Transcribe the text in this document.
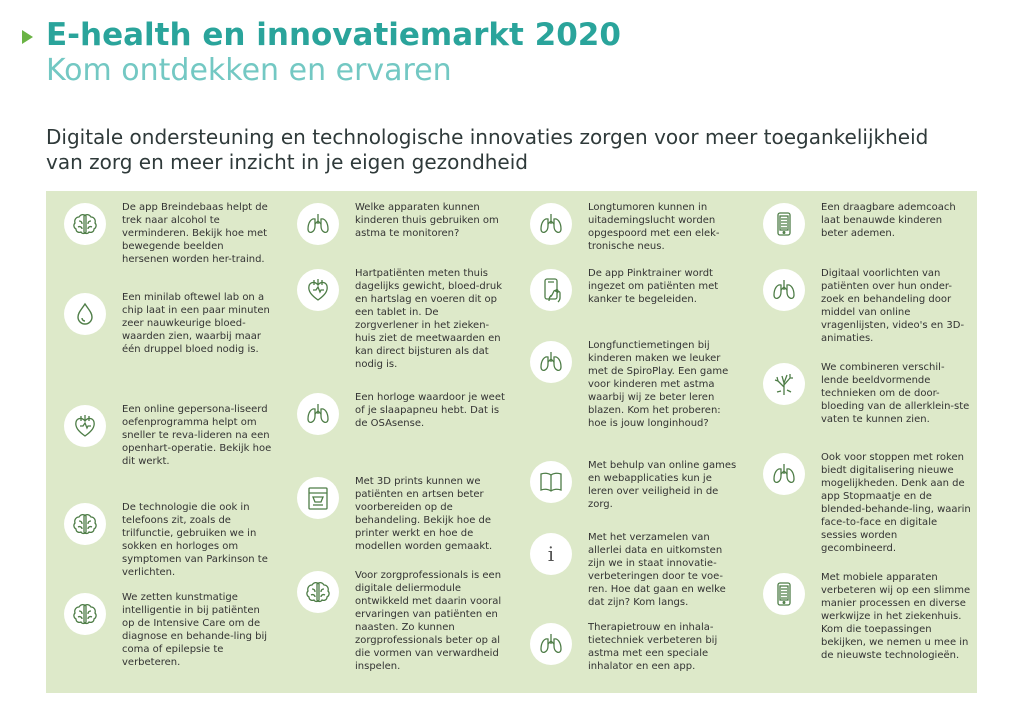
E-health en innovatiemarkt 2020
Kom ontdekken en ervaren

Digitale ondersteuning en technologische innovaties zorgen voor meer toegankelijkheid van zorg en meer inzicht in je eigen gezondheid

De app Breindebaas helpt de trek naar alcohol te verminderen. Bekijk hoe met bewegende beelden hersenen worden her-traind.

Een minilab oftewel lab on a chip laat in een paar minuten zeer nauwkeurige bloed-waarden zien, waarbij maar één druppel bloed nodig is.

Een online gepersona-liseerd oefenprogramma helpt om sneller te reva-lideren na een openhart-operatie. Bekijk hoe dit werkt.

De technologie die ook in telefoons zit, zoals de trilfunctie, gebruiken we in sokken en horloges om symptomen van Parkinson te verlichten.

We zetten kunstmatige intelligentie in bij patiënten op de Intensive Care om de diagnose en behande-ling bij coma of epilepsie te verbeteren.

Welke apparaten kunnen kinderen thuis gebruiken om astma te monitoren?

Hartpatiënten meten thuis dagelijks gewicht, bloed-druk en hartslag en voeren dit op een tablet in. De zorgverlener in het zieken-huis ziet de meetwaarden en kan direct bijsturen als dat nodig is.

Een horloge waardoor je weet of je slaapapneu hebt. Dat is de OSAsense.

Met 3D prints kunnen we patiënten en artsen beter voorbereiden op de behandeling. Bekijk hoe de printer werkt en hoe de modellen worden gemaakt.

Voor zorgprofessionals is een digitale deliermodule ontwikkeld met daarin vooral ervaringen van patiënten en naasten. Zo kunnen zorgprofessionals beter op al die vormen van verwardheid inspelen.

Longtumoren kunnen in uitademingslucht worden opgespoord met een elek-tronische neus.

De app Pinktrainer wordt ingezet om patiënten met kanker te begeleiden.

Longfunctiemetingen bij kinderen maken we leuker met de SpiroPlay. Een game voor kinderen met astma waarbij wij ze beter leren blazen. Kom het proberen: hoe is jouw longinhoud?

Met behulp van online games en webapplicaties kun je leren over veiligheid in de zorg.

i

Met het verzamelen van allerlei data en uitkomsten zijn we in staat innovatie-verbeteringen door te voe-ren. Hoe dat gaan en welke dat zijn? Kom langs.

Therapietrouw en inhala-tietechniek verbeteren bij astma met een speciale inhalator en een app.

Een draagbare ademcoach laat benauwde kinderen beter ademen.

Digitaal voorlichten van patiënten over hun onder-zoek en behandeling door middel van online vragenlijsten, video's en 3D-animaties.

We combineren verschil-lende beeldvormende technieken om de door-bloeding van de allerklein-ste vaten te kunnen zien.

Ook voor stoppen met roken biedt digitalisering nieuwe mogelijkheden. Denk aan de app Stopmaatje en de blended-behande-ling, waarin face-to-face en digitale sessies worden gecombineerd.

Met mobiele apparaten verbeteren wij op een slimme manier processen en diverse werkwijze in het ziekenhuis. Kom die toepassingen bekijken, we nemen u mee in de nieuwste technologieën.
